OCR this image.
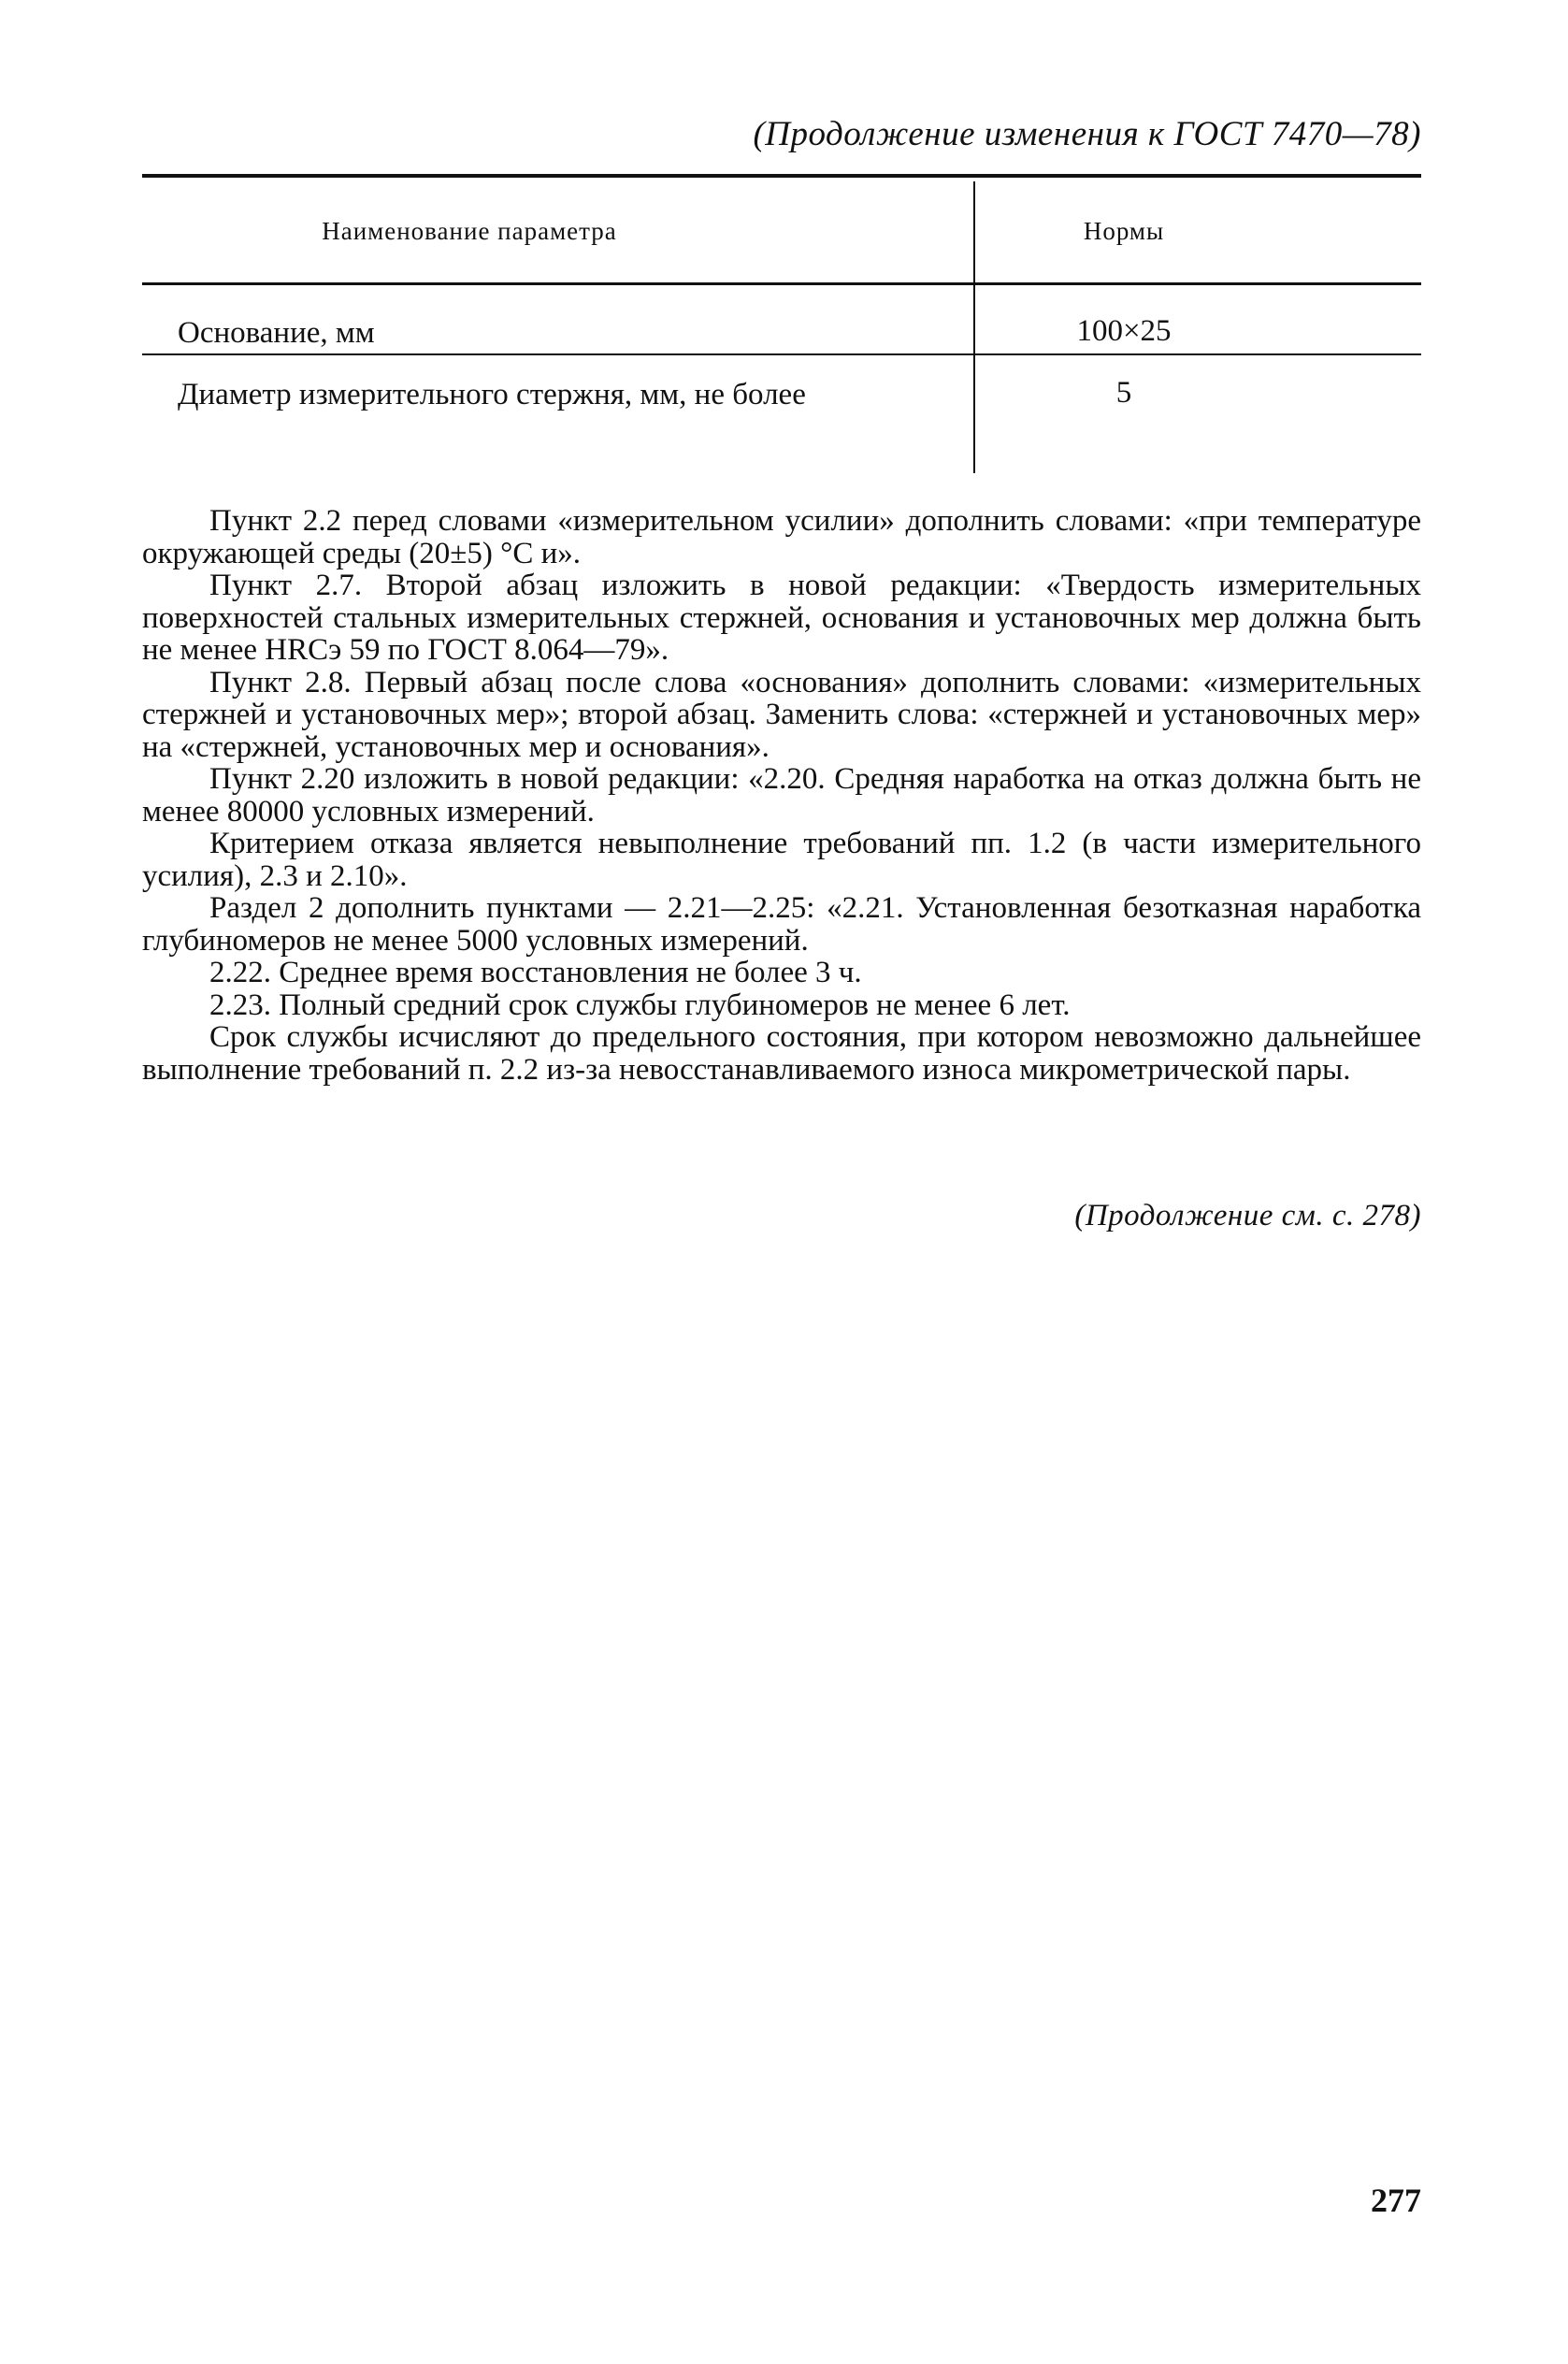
(Продолжение изменения к ГОСТ 7470—78)
Наименование параметра	Нормы
Основание, мм	100×25
Диаметр измерительного стержня, мм, не более	5

Пункт 2.2 перед словами «измерительном усилии» дополнить словами: «при температуре окружающей среды (20±5) °С и».

Пункт 2.7. Второй абзац изложить в новой редакции: «Твердость измерительных поверхностей стальных измерительных стержней, основания и установочных мер должна быть не менее HRCэ 59 по ГОСТ 8.064—79».

Пункт 2.8. Первый абзац после слова «основания» дополнить словами: «измерительных стержней и установочных мер»; второй абзац. Заменить слова: «стержней и установочных мер» на «стержней, установочных мер и основания».

Пункт 2.20 изложить в новой редакции: «2.20. Средняя наработка на отказ должна быть не менее 80000 условных измерений.

Критерием отказа является невыполнение требований пп. 1.2 (в части измерительного усилия), 2.3 и 2.10».

Раздел 2 дополнить пунктами — 2.21—2.25: «2.21. Установленная безотказная наработка глубиномеров не менее 5000 условных измерений.

2.22. Среднее время восстановления не более 3 ч.

2.23. Полный средний срок службы глубиномеров не менее 6 лет.

Срок службы исчисляют до предельного состояния, при котором невозможно дальнейшее выполнение требований п. 2.2 из-за невосстанавливаемого износа микрометрической пары.

(Продолжение см. с. 278)
277
